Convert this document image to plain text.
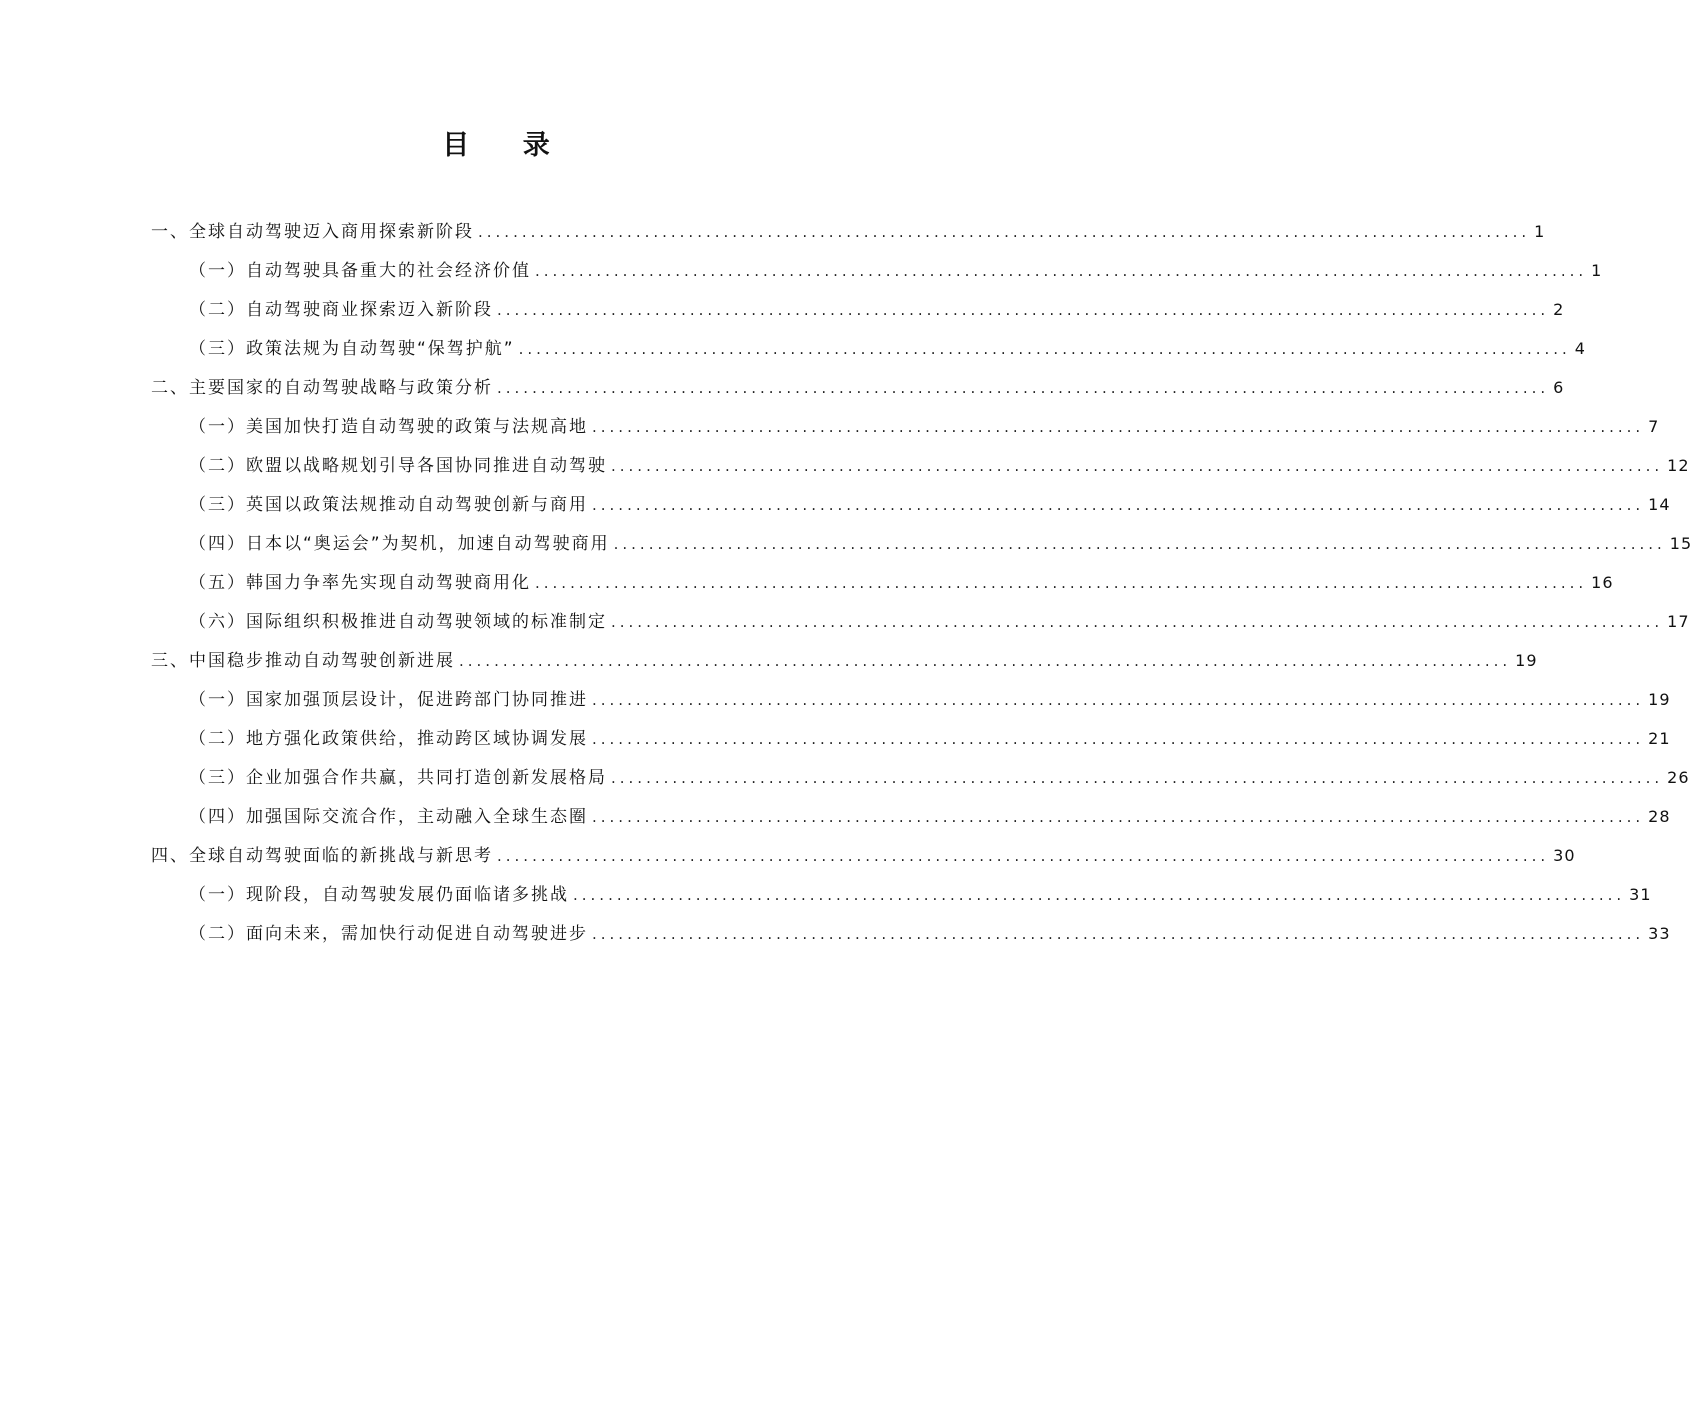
目 录
一、全球自动驾驶迈入商用探索新阶段 ........................................................................................................................ 1
（一）自动驾驶具备重大的社会经济价值 ........................................................................................................................ 1
（二）自动驾驶商业探索迈入新阶段 ........................................................................................................................ 2
（三）政策法规为自动驾驶“保驾护航” ........................................................................................................................ 4
二、主要国家的自动驾驶战略与政策分析 ........................................................................................................................ 6
（一）美国加快打造自动驾驶的政策与法规高地 ........................................................................................................................ 7
（二）欧盟以战略规划引导各国协同推进自动驾驶 ........................................................................................................................ 12
（三）英国以政策法规推动自动驾驶创新与商用 ........................................................................................................................ 14
（四）日本以“奥运会”为契机，加速自动驾驶商用 ........................................................................................................................ 15
（五）韩国力争率先实现自动驾驶商用化 ........................................................................................................................ 16
（六）国际组织积极推进自动驾驶领域的标准制定 ........................................................................................................................ 17
三、中国稳步推动自动驾驶创新进展 ........................................................................................................................ 19
（一）国家加强顶层设计，促进跨部门协同推进 ........................................................................................................................ 19
（二）地方强化政策供给，推动跨区域协调发展 ........................................................................................................................ 21
（三）企业加强合作共赢，共同打造创新发展格局 ........................................................................................................................ 26
（四）加强国际交流合作，主动融入全球生态圈 ........................................................................................................................ 28
四、全球自动驾驶面临的新挑战与新思考 ........................................................................................................................ 30
（一）现阶段，自动驾驶发展仍面临诸多挑战 ........................................................................................................................ 31
（二）面向未来，需加快行动促进自动驾驶进步 ........................................................................................................................ 33
